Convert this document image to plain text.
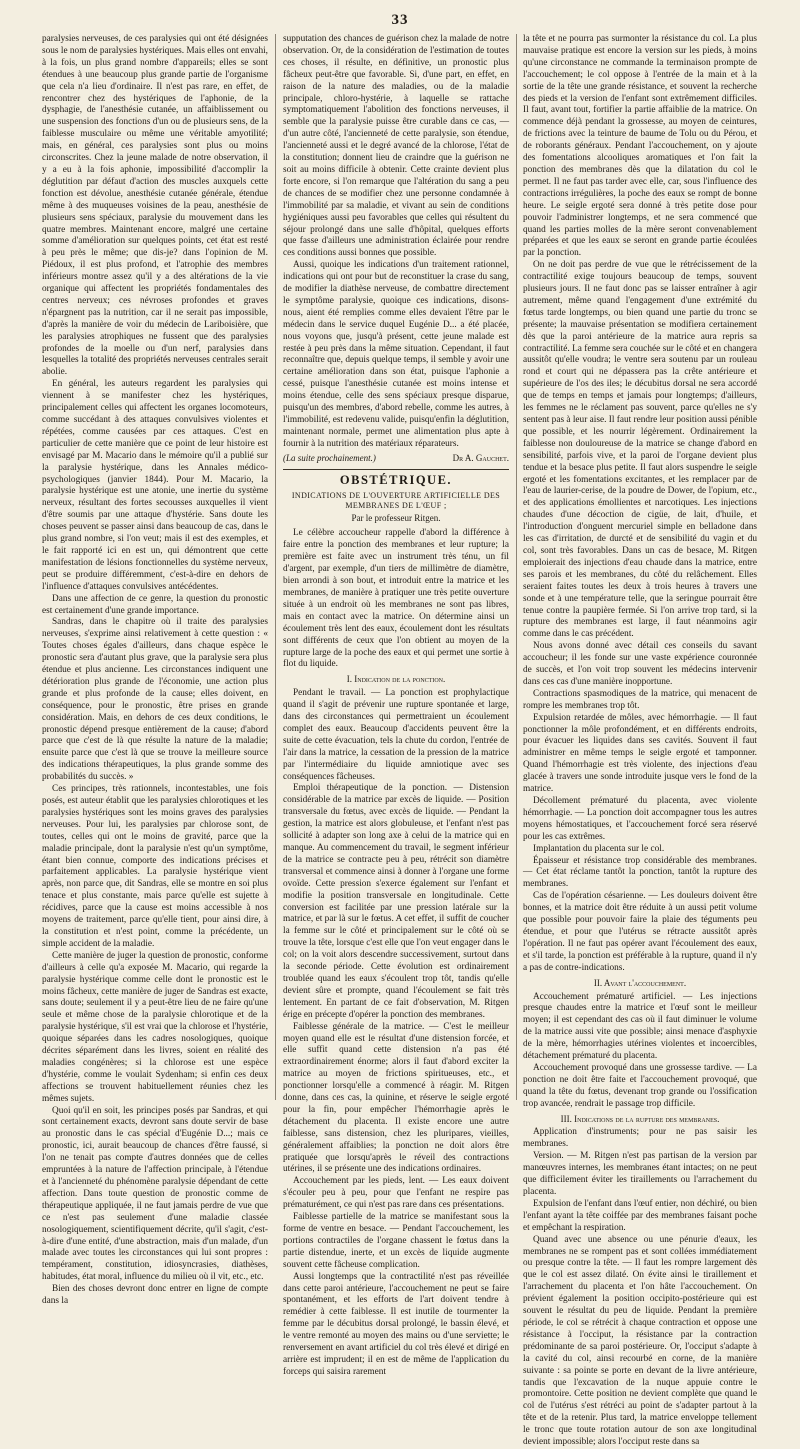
33

paralysies nerveuses, de ces paralysies qui ont été désignées sous le nom de paralysies hystériques. Mais elles ont envahi, à la fois, un plus grand nombre d'appareils; elles se sont étendues à une beaucoup plus grande partie de l'organisme que cela n'a lieu d'ordinaire. Il n'est pas rare, en effet, de rencontrer chez des hystériques de l'aphonie, de la dysphagie, de l'anesthésie cutanée, un affaiblissement ou une suspension des fonctions d'un ou de plusieurs sens, de la faiblesse musculaire ou même une véritable amyotilité; mais, en général, ces paralysies sont plus ou moins circonscrites. Chez la jeune malade de notre observation, il y a eu à la fois aphonie, impossibilité d'accomplir la déglutition par défaut d'action des muscles auxquels cette fonction est dévolue, anesthésie cutanée générale, étendue même à des muqueuses voisines de la peau, anesthésie de plusieurs sens spéciaux, paralysie du mouvement dans les quatre membres. Maintenant encore, malgré une certaine somme d'amélioration sur quelques points, cet état est resté à peu près le même; que dis-je? dans l'opinion de M. Piédoux, il est plus profond, et l'atrophie des membres inférieurs montre assez qu'il y a des altérations de la vie organique qui affectent les propriétés fondamentales des centres nerveux; ces névroses profondes et graves n'épargnent pas la nutrition, car il ne serait pas impossible, d'après la manière de voir du médecin de Lariboisière, que les paralysies atrophiques ne fussent que des paralysies profondes de la moelle ou d'un nerf, paralysies dans lesquelles la totalité des propriétés nerveuses centrales serait abolie.

En général, les auteurs regardent les paralysies qui viennent à se manifester chez les hystériques, principalement celles qui affectent les organes locomoteurs, comme succédant à des attaques convulsives violentes et répétées, comme causées par ces attaques. C'est en particulier de cette manière que ce point de leur histoire est envisagé par M. Macario dans le mémoire qu'il a publié sur la paralysie hystérique, dans les Annales médico-psychologiques (janvier 1844). Pour M. Macario, la paralysie hystérique est une atonie, une inertie du système nerveux, résultant des fortes secousses auxquelles il vient d'être soumis par une attaque d'hystérie. Sans doute les choses peuvent se passer ainsi dans beaucoup de cas, dans le plus grand nombre, si l'on veut; mais il est des exemples, et le fait rapporté ici en est un, qui démontrent que cette manifestation de lésions fonctionnelles du système nerveux, peut se produire différemment, c'est-à-dire en dehors de l'influence d'attaques convulsives antécédentes.

Dans une affection de ce genre, la question du pronostic est certainement d'une grande importance.

Sandras, dans le chapitre où il traite des paralysies nerveuses, s'exprime ainsi relativement à cette question : « Toutes choses égales d'ailleurs, dans chaque espèce le pronostic sera d'autant plus grave, que la paralysie sera plus étendue et plus ancienne. Les circonstances indiquent une détérioration plus grande de l'économie, une action plus grande et plus profonde de la cause; elles doivent, en conséquence, pour le pronostic, être prises en grande considération. Mais, en dehors de ces deux conditions, le pronostic dépend presque entièrement de la cause; d'abord parce que c'est de là que résulte la nature de la maladie; ensuite parce que c'est là que se trouve la meilleure source des indications thérapeutiques, la plus grande somme des probabilités du succès. »

Ces principes, très rationnels, incontestables, une fois posés, est auteur établit que les paralysies chlorotiques et les paralysies hystériques sont les moins graves des paralysies nerveuses. Pour lui, les paralysies par chlorose sont, de toutes, celles qui ont le moins de gravité, parce que la maladie principale, dont la paralysie n'est qu'un symptôme, étant bien connue, comporte des indications précises et parfaitement applicables. La paralysie hystérique vient après, non parce que, dit Sandras, elle se montre en soi plus tenace et plus constante, mais parce qu'elle est sujette à récidives, parce que la cause est moins accessible à nos moyens de traitement, parce qu'elle tient, pour ainsi dire, à la constitution et n'est point, comme la précédente, un simple accident de la maladie.

Cette manière de juger la question de pronostic, conforme d'ailleurs à celle qu'a exposée M. Macario, qui regarde la paralysie hystérique comme celle dont le pronostic est le moins fâcheux, cette manière de juger de Sandras est exacte, sans doute; seulement il y a peut-être lieu de ne faire qu'une seule et même chose de la paralysie chlorotique et de la paralysie hystérique, s'il est vrai que la chlorose et l'hystérie, quoique séparées dans les cadres nosologiques, quoique décrites séparément dans les livres, soient en réalité des maladies congénères; si la chlorose est une espèce d'hystérie, comme le voulait Sydenham; si enfin ces deux affections se trouvent habituellement réunies chez les mêmes sujets.

Quoi qu'il en soit, les principes posés par Sandras, et qui sont certainement exacts, devront sans doute servir de base au pronostic dans le cas spécial d'Eugénie D...; mais ce pronostic, ici, aurait beaucoup de chances d'être faussé, si l'on ne tenait pas compte d'autres données que de celles empruntées à la nature de l'affection principale, à l'étendue et à l'ancienneté du phénomène paralysie dépendant de cette affection. Dans toute question de pronostic comme de thérapeutique appliquée, il ne faut jamais perdre de vue que ce n'est pas seulement d'une maladie classée nosologiquement, scientifiquement décrite, qu'il s'agit, c'est-à-dire d'une entité, d'une abstraction, mais d'un malade, d'un malade avec toutes les circonstances qui lui sont propres : tempérament, constitution, idiosyncrasies, diathèses, habitudes, état moral, influence du milieu où il vit, etc., etc.

Bien des choses devront donc entrer en ligne de compte dans la

supputation des chances de guérison chez la malade de notre observation. Or, de la considération de l'estimation de toutes ces choses, il résulte, en définitive, un pronostic plus fâcheux peut-être que favorable. Si, d'une part, en effet, en raison de la nature des maladies, ou de la maladie principale, chloro-hystérie, à laquelle se rattache symptomatiquement l'abolition des fonctions nerveuses, il semble que la paralysie puisse être curable dans ce cas, — d'un autre côté, l'ancienneté de cette paralysie, son étendue, l'ancienneté aussi et le degré avancé de la chlorose, l'état de la constitution; donnent lieu de craindre que la guérison ne soit au moins difficile à obtenir. Cette crainte devient plus forte encore, si l'on remarque que l'altération du sang a peu de chances de se modifier chez une personne condamnée à l'immobilité par sa maladie, et vivant au sein de conditions hygiéniques aussi peu favorables que celles qui résultent du séjour prolongé dans une salle d'hôpital, quelques efforts que fasse d'ailleurs une administration éclairée pour rendre ces conditions aussi bonnes que possible.

Aussi, quoique les indications d'un traitement rationnel, indications qui ont pour but de reconstituer la crase du sang, de modifier la diathèse nerveuse, de combattre directement le symptôme paralysie, quoique ces indications, disons-nous, aient été remplies comme elles devaient l'être par le médecin dans le service duquel Eugénie D... a été placée, nous voyons que, jusqu'à présent, cette jeune malade est restée à peu près dans la même situation. Cependant, il faut reconnaître que, depuis quelque temps, il semble y avoir une certaine amélioration dans son état, puisque l'aphonie a cessé, puisque l'anesthésie cutanée est moins intense et moins étendue, celle des sens spéciaux presque disparue, puisqu'un des membres, d'abord rebelle, comme les autres, à l'immobilité, est redevenu valide, puisqu'enfin la déglutition, maintenant normale, permet une alimentation plus apte à fournir à la nutrition des matériaux réparateurs.

(La suite prochainement.)	Dr A. Gauchet.
OBSTÉTRIQUE.
INDICATIONS DE L'OUVERTURE ARTIFICIELLE DES MEMBRANES DE L'ŒUF ;
Par le professeur Ritgen.

Le célèbre accoucheur rappelle d'abord la différence à faire entre la ponction des membranes et leur rupture; la première est faite avec un instrument très ténu, un fil d'argent, par exemple, d'un tiers de millimètre de diamètre, bien arrondi à son bout, et introduit entre la matrice et les membranes, de manière à pratiquer une très petite ouverture située à un endroit où les membranes ne sont pas libres, mais en contact avec la matrice. On détermine ainsi un écoulement très lent des eaux, écoulement dont les résultats sont différents de ceux que l'on obtient au moyen de la rupture large de la poche des eaux et qui permet une sortie à flot du liquide.

I. Indication de la ponction.

Pendant le travail. — La ponction est prophylactique quand il s'agit de prévenir une rupture spontanée et large, dans des circonstances qui permettraient un écoulement complet des eaux. Beaucoup d'accidents peuvent être la suite de cette évacuation, tels la chute du cordon, l'entrée de l'air dans la matrice, la cessation de la pression de la matrice par l'intermédiaire du liquide amniotique avec ses conséquences fâcheuses.

Emploi thérapeutique de la ponction. — Distension considérable de la matrice par excès de liquide. — Position transversale du fœtus, avec excès de liquide. — Pendant la gestion, la matrice est alors globuleuse, et l'enfant n'est pas sollicité à adapter son long axe à celui de la matrice qui en manque. Au commencement du travail, le segment inférieur de la matrice se contracte peu à peu, rétrécit son diamètre transversal et commence ainsi à donner à l'organe une forme ovoïde. Cette pression s'exerce également sur l'enfant et modifie la position transversale en longitudinale. Cette conversion est facilitée par une pression latérale sur la matrice, et par là sur le fœtus. A cet effet, il suffit de coucher la femme sur le côté et principalement sur le côté où se trouve la tête, lorsque c'est elle que l'on veut engager dans le col; on la voit alors descendre successivement, surtout dans la seconde période. Cette évolution est ordinairement troublée quand les eaux s'écoulent trop tôt, tandis qu'elle devient sûre et prompte, quand l'écoulement se fait très lentement. En partant de ce fait d'observation, M. Ritgen érige en précepte d'opérer la ponction des membranes.

Faiblesse générale de la matrice. — C'est le meilleur moyen quand elle est le résultat d'une distension forcée, et elle suffit quand cette distension n'a pas été extraordinairement énorme; alors il faut d'abord exciter la matrice au moyen de frictions spiritueuses, etc., et ponctionner lorsqu'elle a commencé à réagir. M. Ritgen donne, dans ces cas, la quinine, et réserve le seigle ergoté pour la fin, pour empêcher l'hémorrhagie après le détachement du placenta. Il existe encore une autre faiblesse, sans distension, chez les pluripares, vieilles, généralement affaiblies; la ponction ne doit alors être pratiquée que lorsqu'après le réveil des contractions utérines, il se présente une des indications ordinaires.

Accouchement par les pieds, lent. — Les eaux doivent s'écouler peu à peu, pour que l'enfant ne respire pas prématurément, ce qui n'est pas rare dans ces présentations.

Faiblesse partielle de la matrice se manifestant sous la forme de ventre en besace. — Pendant l'accouchement, les portions contractiles de l'organe chassent le fœtus dans la partie distendue, inerte, et un excès de liquide augmente souvent cette fâcheuse complication.

Aussi longtemps que la contractilité n'est pas réveillée dans cette paroi antérieure, l'accouchement ne peut se faire spontanément, et les efforts de l'art doivent tendre à remédier à cette faiblesse. Il est inutile de tourmenter la femme par le décubitus dorsal prolongé, le bassin élevé, et le ventre remonté au moyen des mains ou d'une serviette; le renversement en avant artificiel du col très élevé et dirigé en arrière est imprudent; il en est de même de l'application du forceps qui saisira rarement

la tête et ne pourra pas surmonter la résistance du col. La plus mauvaise pratique est encore la version sur les pieds, à moins qu'une circonstance ne commande la terminaison prompte de l'accouchement; le col oppose à l'entrée de la main et à la sortie de la tête une grande résistance, et souvent la recherche des pieds et la version de l'enfant sont extrêmement difficiles. Il faut, avant tout, fortifier la partie affaiblie de la matrice. On commence déjà pendant la grossesse, au moyen de ceintures, de frictions avec la teinture de baume de Tolu ou du Pérou, et de roborants généraux. Pendant l'accouchement, on y ajoute des fomentations alcooliques aromatiques et l'on fait la ponction des membranes dès que la dilatation du col le permet. Il ne faut pas tarder avec elle, car, sous l'influence des contractions irrégulières, la poche des eaux se rompt de bonne heure. Le seigle ergoté sera donné à très petite dose pour pouvoir l'administrer longtemps, et ne sera commencé que quand les parties molles de la mère seront convenablement préparées et que les eaux se seront en grande partie écoulées par la ponction.

On ne doit pas perdre de vue que le rétrécissement de la contractilité exige toujours beaucoup de temps, souvent plusieurs jours. Il ne faut donc pas se laisser entraîner à agir autrement, même quand l'engagement d'une extrémité du fœtus tarde longtemps, ou bien quand une partie du tronc se présente; la mauvaise présentation se modifiera certainement dès que la paroi antérieure de la matrice aura repris sa contractilité. La femme sera couchée sur le côté et en changera aussitôt qu'elle voudra; le ventre sera soutenu par un rouleau rond et court qui ne dépassera pas la crête antérieure et supérieure de l'os des iles; le décubitus dorsal ne sera accordé que de temps en temps et jamais pour longtemps; d'ailleurs, les femmes ne le réclament pas souvent, parce qu'elles ne s'y sentent pas à leur aise. Il faut rendre leur position aussi pénible que possible, et les nourrir légèrement. Ordinairement la faiblesse non douloureuse de la matrice se change d'abord en sensibilité, parfois vive, et la paroi de l'organe devient plus tendue et la besace plus petite. Il faut alors suspendre le seigle ergoté et les fomentations excitantes, et les remplacer par de l'eau de laurier-cerise, de la poudre de Dower, de l'opium, etc., et des applications émollientes et narcotiques. Les injections chaudes d'une décoction de cigüe, de lait, d'huile, et l'introduction d'onguent mercuriel simple en belladone dans les cas d'irritation, de durcté et de sensibilité du vagin et du col, sont très favorables. Dans un cas de besace, M. Ritgen emploierait des injections d'eau chaude dans la matrice, entre ses parois et les membranes, du côté du relâchement. Elles seraient faites toutes les deux à trois heures à travers une sonde et à une température telle, que la seringue pourrait être tenue contre la paupière fermée. Si l'on arrive trop tard, si la rupture des membranes est large, il faut néanmoins agir comme dans le cas précédent.

Nous avons donné avec détail ces conseils du savant accoucheur; il les fonde sur une vaste expérience couronnée de succès, et l'on voit trop souvent les médecins intervenir dans ces cas d'une manière inopportune.

Contractions spasmodiques de la matrice, qui menacent de rompre les membranes trop tôt.

Expulsion retardée de môles, avec hémorrhagie. — Il faut ponctionner la môle profondément, et en différents endroits, pour évacuer les liquides dans ses cavités. Souvent il faut administrer en même temps le seigle ergoté et tamponner. Quand l'hémorrhagie est très violente, des injections d'eau glacée à travers une sonde introduite jusque vers le fond de la matrice.

Décollement prématuré du placenta, avec violente hémorrhagie. — La ponction doit accompagner tous les autres moyens hémostatiques, et l'accouchement forcé sera réservé pour les cas extrêmes.

Implantation du placenta sur le col.

Épaisseur et résistance trop considérable des membranes. — Cet état réclame tantôt la ponction, tantôt la rupture des membranes.

Cas de l'opération césarienne. — Les douleurs doivent être bonnes, et la matrice doit être réduite à un aussi petit volume que possible pour pouvoir faire la plaie des téguments peu étendue, et pour que l'utérus se rétracte aussitôt après l'opération. Il ne faut pas opérer avant l'écoulement des eaux, et s'il tarde, la ponction est préférable à la rupture, quand il n'y a pas de contre-indications.

II. Avant l'accouchement.

Accouchement prématuré artificiel. — Les injections presque chaudes entre la matrice et l'œuf sont le meilleur moyen; il est cependant des cas où il faut diminuer le volume de la matrice aussi vite que possible; ainsi menace d'asphyxie de la mère, hémorrhagies utérines violentes et incoercibles, détachement prématuré du placenta.

Accouchement provoqué dans une grossesse tardive. — La ponction ne doit être faite et l'accouchement provoqué, que quand la tête du fœtus, devenant trop grande ou l'ossification trop avancée, rendrait le passage trop difficile.

III. Indications de la rupture des membranes.

Application d'instruments; pour ne pas saisir les membranes.

Version. — M. Ritgen n'est pas partisan de la version par manœuvres internes, les membranes étant intactes; on ne peut que difficilement éviter les tiraillements ou l'arrachement du placenta.

Expulsion de l'enfant dans l'œuf entier, non déchiré, ou bien l'enfant ayant la tête coiffée par des membranes faisant poche et empêchant la respiration.

Quand avec une absence ou une pénurie d'eaux, les membranes ne se rompent pas et sont collées immédiatement ou presque contre la tête. — Il faut les rompre largement dès que le col est assez dilaté. On évite ainsi le tiraillement et l'arrachement du placenta et l'on hâte l'accouchement. On prévient également la position occipito-postérieure qui est souvent le résultat du peu de liquide. Pendant la première période, le col se rétrécit à chaque contraction et oppose une résistance à l'occiput, la résistance par la contraction prédominante de sa paroi postérieure. Or, l'occiput s'adapte à la cavité du col, ainsi recourbé en corne, de la manière suivante : sa pointe se porte en devant de la livre antérieure, tandis que l'excavation de la nuque appuie contre le promontoire. Cette position ne devient complète que quand le col de l'utérus s'est rétréci au point de s'adapter partout à la tête et de la retenir. Plus tard, la matrice enveloppe tellement le tronc que toute rotation autour de son axe longitudinal devient impossible; alors l'occiput reste dans sa
